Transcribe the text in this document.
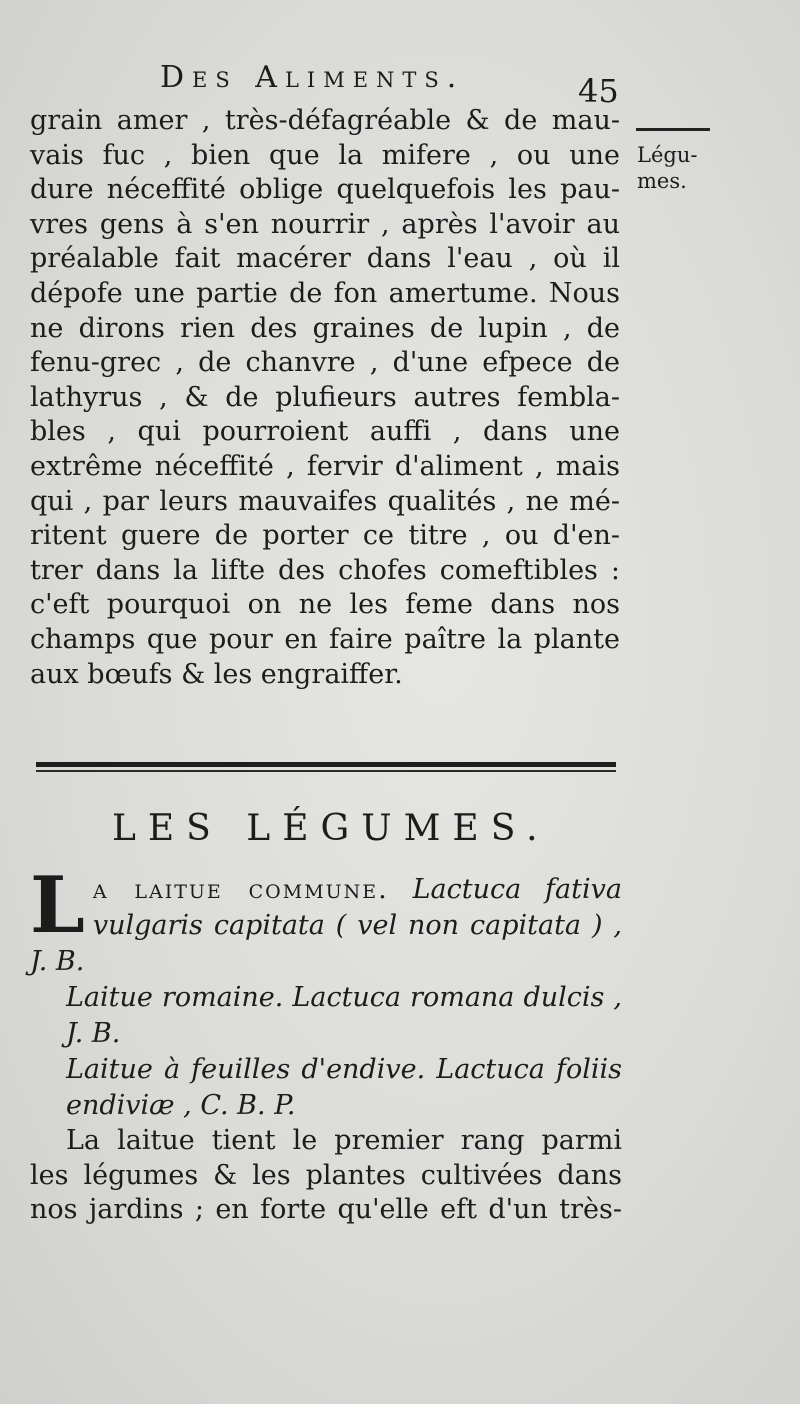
Des Aliments.	45
Légu-
mes.
grain amer , très-défagréable & de mau-
vais fuc , bien que la mifere , ou une
dure néceffité oblige quelquefois les pau-
vres gens à s'en nourrir , après l'avoir au
préalable fait macérer dans l'eau , où il
dépofe une partie de fon amertume. Nous
ne dirons rien des graines de lupin , de
fenu-grec , de chanvre , d'une efpece de
lathyrus , & de plufieurs autres fembla-
bles , qui pourroient auffi , dans une
extrême néceffité , fervir d'aliment , mais
qui , par leurs mauvaifes qualités , ne mé-
ritent guere de porter ce titre , ou d'en-
trer dans la lifte des chofes comeftibles :
c'eft pourquoi on ne les feme dans nos
champs que pour en faire paître la plante
aux bœufs & les engraiffer.
LES LÉGUMES.
L a laitue commune. Lactuca fativa vulgaris capitata ( vel non capitata ) , J. B.
Laitue romaine. Lactuca romana dulcis , J. B.
Laitue à feuilles d'endive. Lactuca foliis endiviæ , C. B. P.
La laitue tient le premier rang parmi
les légumes & les plantes cultivées dans
nos jardins ; en forte qu'elle eft d'un très-
